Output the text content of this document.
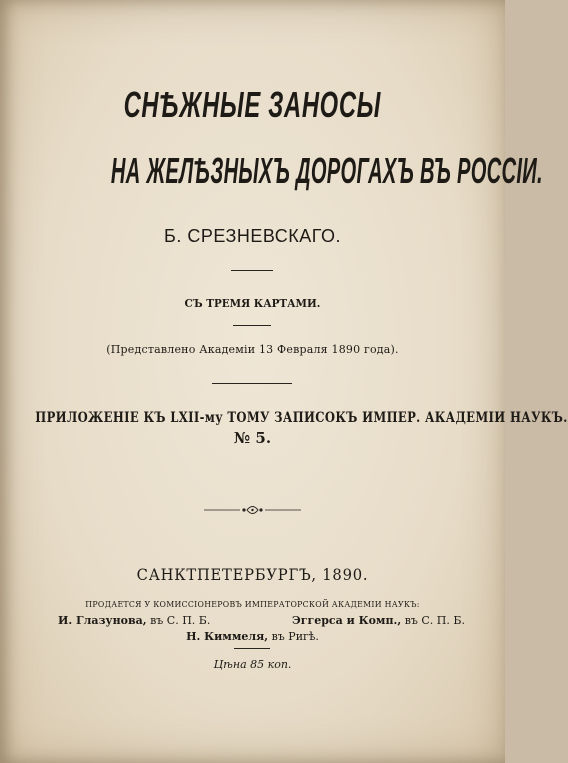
СНѢЖНЫЕ ЗАНОСЫ
НА ЖЕЛѢЗНЫХЪ ДОРОГАХЪ ВЪ РОССІИ.
Б. СРЕЗНЕВСКАГО.
СЪ ТРЕМЯ КАРТАМИ.
(Представлено Академіи 13 Февраля 1890 года).
ПРИЛОЖЕНІЕ КЪ LXII-му ТОМУ ЗАПИСОКЪ ИМПЕР. АКАДЕМІИ НАУКЪ.
№ 5.
САНКТПЕТЕРБУРГЪ, 1890.
ПРОДАЕТСЯ У КОМИССІОНЕРОВЪ ИМПЕРАТОРСКОЙ АКАДЕМІИ НАУКЪ:
И. Глазунова, въ С. П. Б.	Эггерса и Комп., въ С. П. Б.
Н. Киммеля, въ Ригѣ.
Цѣна 85 коп.
